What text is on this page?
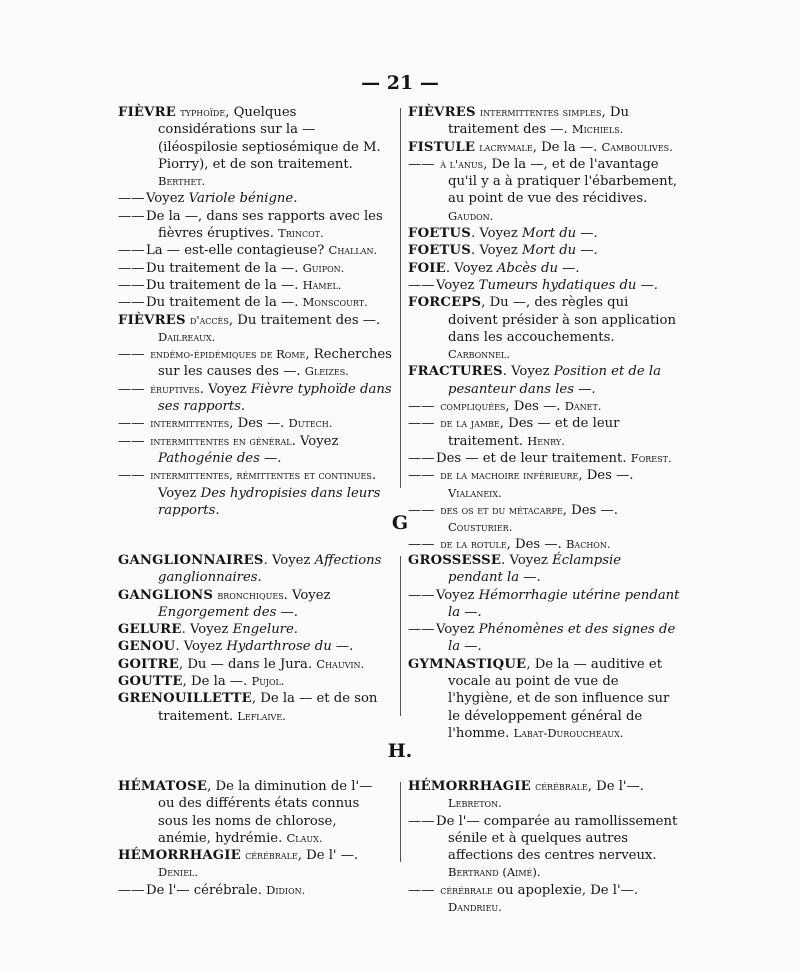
— 21 —
FIÈVRE typhoïde, Quelques considérations sur la — (iléospilosie septiosémique de M. Piorry), et de son traitement. Berthet.
—— Voyez Variole bénigne.
—— De la —, dans ses rapports avec les fièvres éruptives. Trincot.
—— La — est-elle contagieuse? Challan.
—— Du traitement de la —. Guipon.
—— Du traitement de la —. Hamel.
—— Du traitement de la —. Monscourt.
FIÈVRES d'accès, Du traitement des —. Dailreaux.
—— endémo-épidémiques de Rome, Recherches sur les causes des —. Gleizes.
—— éruptives. Voyez Fièvre typhoïde dans ses rapports.
—— intermittentes, Des —. Dutech.
—— intermittentes en général. Voyez Pathogénie des —.
—— intermittentes, rémittentes et continues. Voyez Des hydropisies dans leurs rapports.
FIÈVRES intermittentes simples, Du traitement des —. Michiels.
FISTULE lacrymale, De la —. Camboulives.
—— à l'anus, De la —, et de l'avantage qu'il y a à pratiquer l'ébarbement, au point de vue des récidives. Gaudon.
FOETUS. Voyez Mort du —.
FOETUS. Voyez Mort du —.
FOIE. Voyez Abcès du —.
—— Voyez Tumeurs hydatiques du —.
FORCEPS, Du —, des règles qui doivent présider à son application dans les accouchements. Carbonnel.
FRACTURES. Voyez Position et de la pesanteur dans les —.
—— compliquées, Des —. Danet.
—— de la jambe, Des — et de leur traitement. Henry.
—— Des — et de leur traitement. Forest.
—— de la machoire inférieure, Des —. Vialaneix.
—— des os et du métacarpe, Des —. Cousturier.
—— de la rotule, Des —. Bachon.
G
GANGLIONNAIRES. Voyez Affections ganglionnaires.
GANGLIONS bronchiques. Voyez Engorgement des —.
GELURE. Voyez Engelure.
GENOU. Voyez Hydarthrose du —.
GOITRE, Du — dans le Jura. Chauvin.
GOUTTE, De la —. Pujol.
GRENOUILLETTE, De la — et de son traitement. Leflaive.
GROSSESSE. Voyez Éclampsie pendant la —.
—— Voyez Hémorrhagie utérine pendant la —.
—— Voyez Phénomènes et des signes de la —.
GYMNASTIQUE, De la — auditive et vocale au point de vue de l'hygiène, et de son influence sur le développement général de l'homme. Labat-Duroucheaux.
H.
HÉMATOSE, De la diminution de l'— ou des différents états connus sous les noms de chlorose, anémie, hydrémie. Claux.
HÉMORRHAGIE cérébrale, De l' —. Deniel.
—— De l'— cérébrale. Didion.
HÉMORRHAGIE cérébrale, De l'—. Lebreton.
—— De l'— comparée au ramollissement sénile et à quelques autres affections des centres nerveux. Bertrand (Aimé).
—— cérébrale ou apoplexie, De l'—. Dandrieu.
